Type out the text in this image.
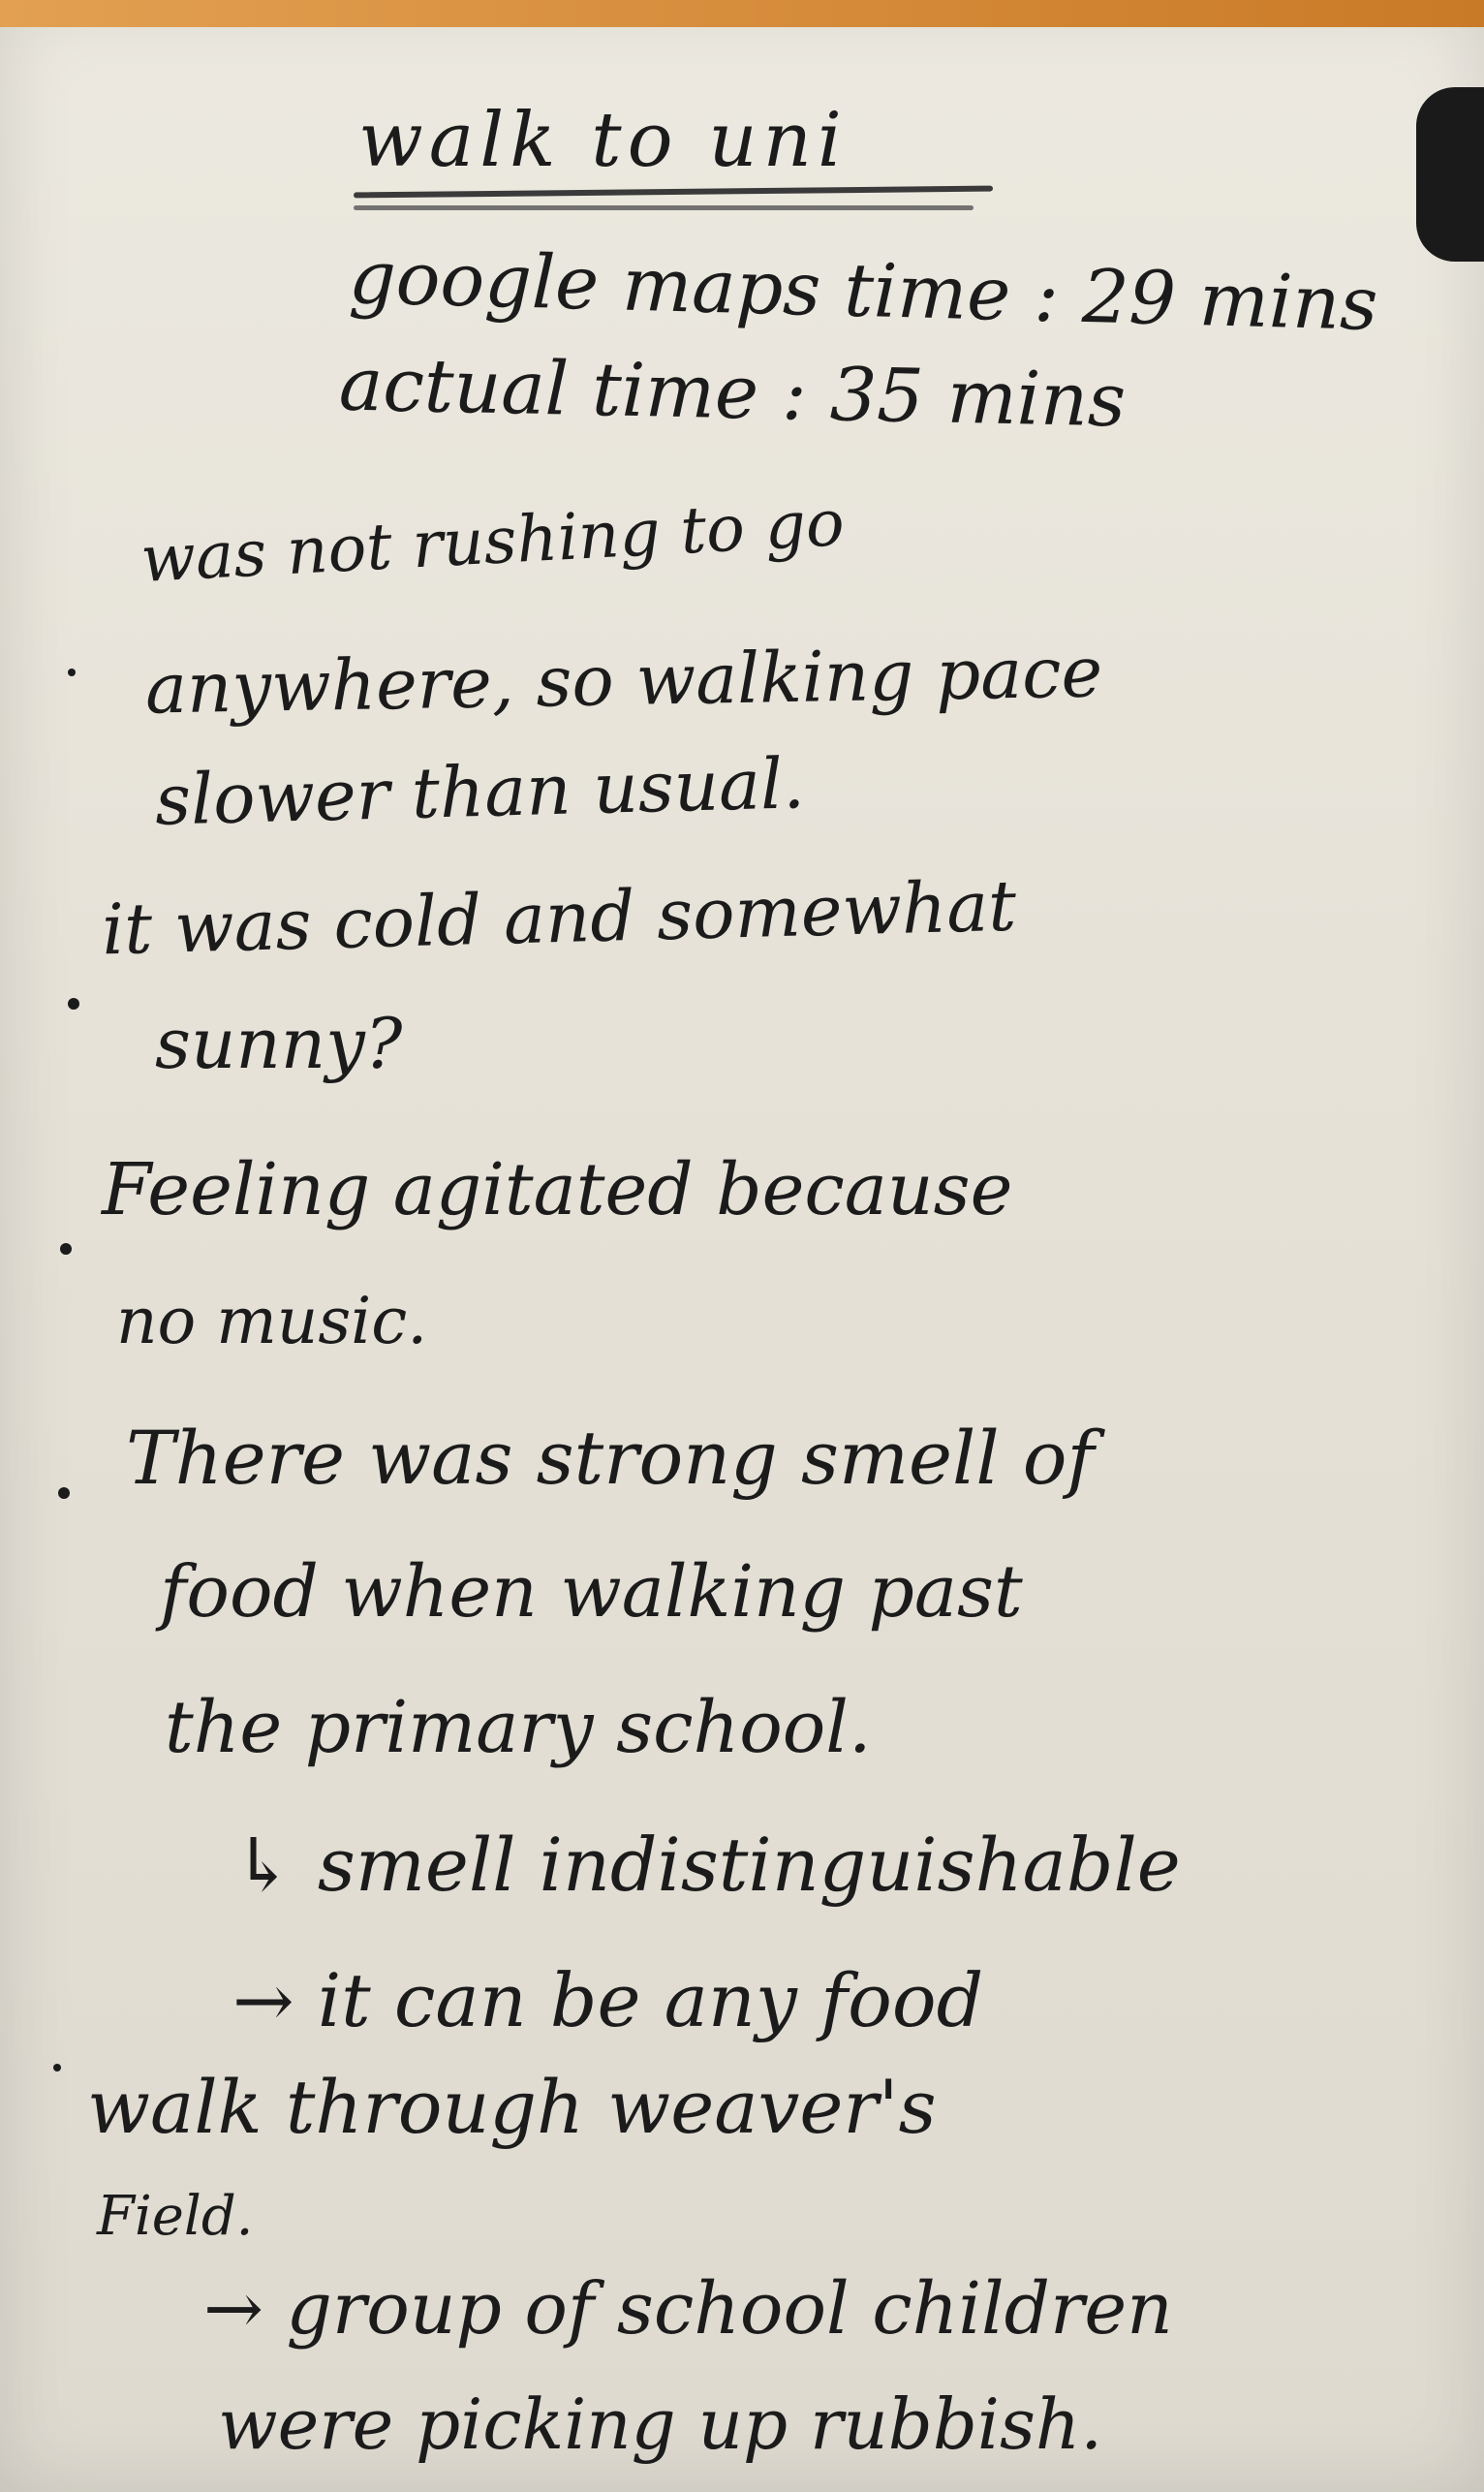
walk to uni
google maps time : 29 mins
actual time : 35 mins
was not rushing to go
anywhere, so walking pace
slower than usual.
it was cold and somewhat
sunny?
Feeling agitated because
no music.
There was strong smell of
food when walking past
the primary school.
↳ smell indistinguishable
→ it can be any food
walk through weaver's
Field.
→ group of school children
were picking up rubbish.
